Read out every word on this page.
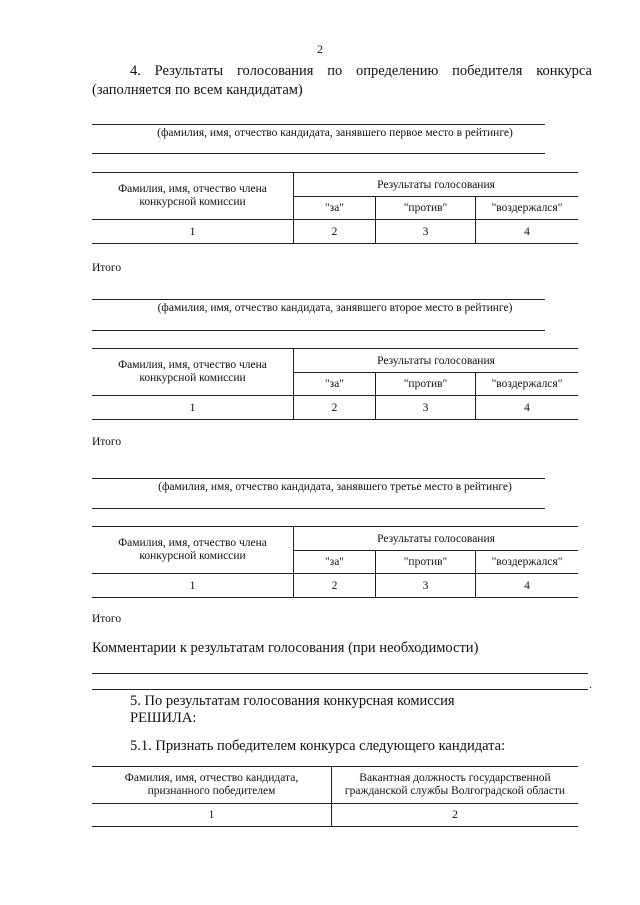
2
4. Результаты голосования по определению победителя конкурса
(заполняется по всем кандидатам)
(фамилия, имя, отчество кандидата, занявшего первое место в рейтинге)
Фамилия, имя, отчество члена конкурсной комиссии	Результаты голосования		
	"за"	"против"	"воздержался"
1	2	3	4
Итого
(фамилия, имя, отчество кандидата, занявшего второе место в рейтинге)
Фамилия, имя, отчество члена конкурсной комиссии	Результаты голосования		
	"за"	"против"	"воздержался"
1	2	3	4
Итого
(фамилия, имя, отчество кандидата, занявшего третье место в рейтинге)
Фамилия, имя, отчество члена конкурсной комиссии	Результаты голосования		
	"за"	"против"	"воздержался"
1	2	3	4
Итого
Комментарии к результатам голосования (при необходимости)
.
5. По результатам голосования конкурсная комиссия
РЕШИЛА:
5.1. Признать победителем конкурса следующего кандидата:
Фамилия, имя, отчество кандидата, признанного победителем	Вакантная должность государственной гражданской службы Волгоградской области
1	2
